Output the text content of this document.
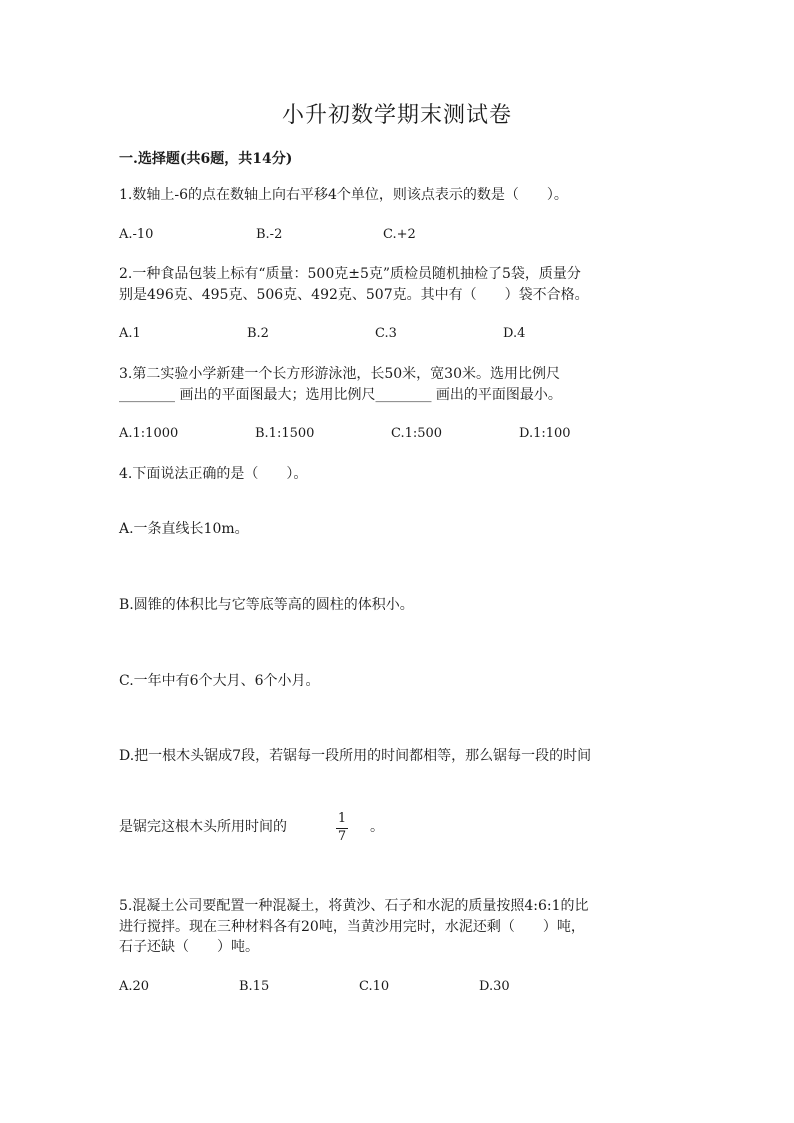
小升初数学期末测试卷
一.选择题(共6题，共14分)
1.数轴上-6的点在数轴上向右平移4个单位，则该点表示的数是（　　）。
A.-10	B.-2	C.+2
2.一种食品包装上标有“质量：500克±5克”质检员随机抽检了5袋，质量分
别是496克、495克、506克、492克、507克。其中有（　　）袋不合格。
A.1	B.2	C.3	D.4
3.第二实验小学新建一个长方形游泳池，长50米，宽30米。选用比例尺
________ 画出的平面图最大；选用比例尺________ 画出的平面图最小。
A.1:1000	B.1:1500	C.1:500	D.1:100
4.下面说法正确的是（　　）。
A.一条直线长10m。
B.圆锥的体积比与它等底等高的圆柱的体积小。
C.一年中有6个大月、6个小月。
D.把一根木头锯成7段，若锯每一段所用的时间都相等，那么锯每一段的时间
是锯完这根木头所用时间的
1
7
。
5.混凝土公司要配置一种混凝土，将黄沙、石子和水泥的质量按照4:6:1的比
进行搅拌。现在三种材料各有20吨，当黄沙用完时，水泥还剩（　　）吨，
石子还缺（　　）吨。
A.20	B.15	C.10	D.30
